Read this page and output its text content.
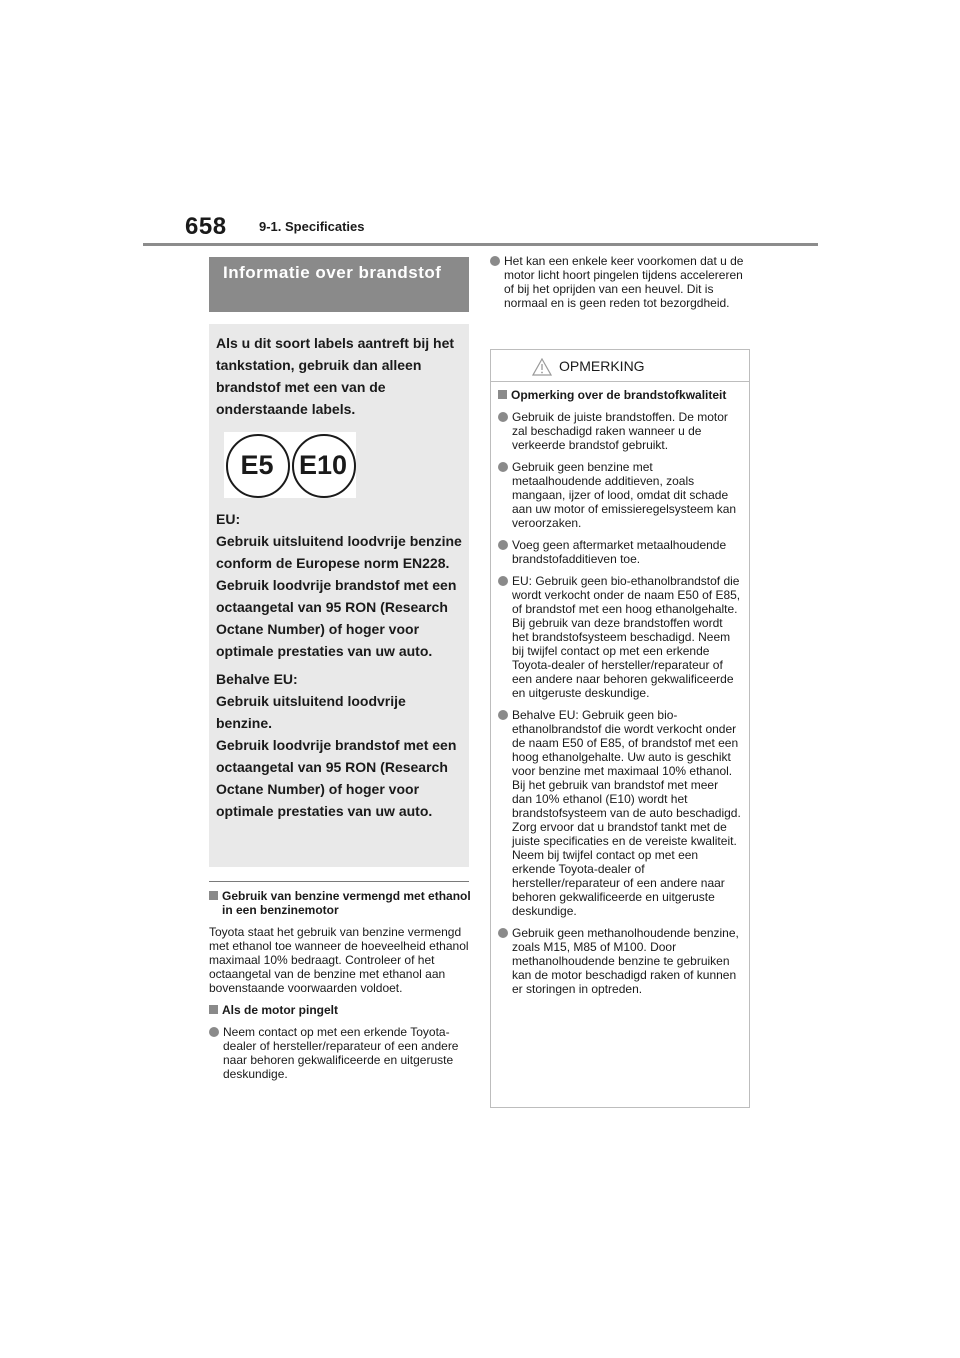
658 9-1. Specificaties
Informatie over brandstof

Als u dit soort labels aantreft bij het tankstation, gebruik dan alleen brandstof met een van de onderstaande labels.

E5 E10

EU:
Gebruik uitsluitend loodvrije benzine conform de Europese norm EN228.
Gebruik loodvrije brandstof met een octaangetal van 95 RON (Research Octane Number) of hoger voor optimale prestaties van uw auto.

Behalve EU:
Gebruik uitsluitend loodvrije benzine.
Gebruik loodvrije brandstof met een octaangetal van 95 RON (Research Octane Number) of hoger voor optimale prestaties van uw auto.

Gebruik van benzine vermengd met ethanol in een benzinemotor

Toyota staat het gebruik van benzine vermengd met ethanol toe wanneer de hoeveelheid ethanol maximaal 10% bedraagt. Controleer of het octaangetal van de benzine met ethanol aan bovenstaande voorwaarden voldoet.

Als de motor pingelt
Neem contact op met een erkende Toyota-dealer of hersteller/reparateur of een andere naar behoren gekwalificeerde en uitgeruste deskundige.
Het kan een enkele keer voorkomen dat u de motor licht hoort pingelen tijdens accelereren of bij het oprijden van een heuvel. Dit is normaal en is geen reden tot bezorgdheid.
OPMERKING
Opmerking over de brandstofkwaliteit
Gebruik de juiste brandstoffen. De motor zal beschadigd raken wanneer u de verkeerde brandstof gebruikt.
Gebruik geen benzine met metaalhoudende additieven, zoals mangaan, ijzer of lood, omdat dit schade aan uw motor of emissieregelsysteem kan veroorzaken.
Voeg geen aftermarket metaalhoudende brandstofadditieven toe.
EU: Gebruik geen bio-ethanolbrandstof die wordt verkocht onder de naam E50 of E85, of brandstof met een hoog ethanolgehalte. Bij gebruik van deze brandstoffen wordt het brandstofsysteem beschadigd. Neem bij twijfel contact op met een erkende Toyota-dealer of hersteller/reparateur of een andere naar behoren gekwalificeerde en uitgeruste deskundige.
Behalve EU: Gebruik geen bio-ethanolbrandstof die wordt verkocht onder de naam E50 of E85, of brandstof met een hoog ethanolgehalte. Uw auto is geschikt voor benzine met maximaal 10% ethanol. Bij het gebruik van brandstof met meer dan 10% ethanol (E10) wordt het brandstofsysteem van de auto beschadigd. Zorg ervoor dat u brandstof tankt met de juiste specificaties en de vereiste kwaliteit. Neem bij twijfel contact op met een erkende Toyota-dealer of hersteller/reparateur of een andere naar behoren gekwalificeerde en uitgeruste deskundige.
Gebruik geen methanolhoudende benzine, zoals M15, M85 of M100. Door methanolhoudende benzine te gebruiken kan de motor beschadigd raken of kunnen er storingen in optreden.
